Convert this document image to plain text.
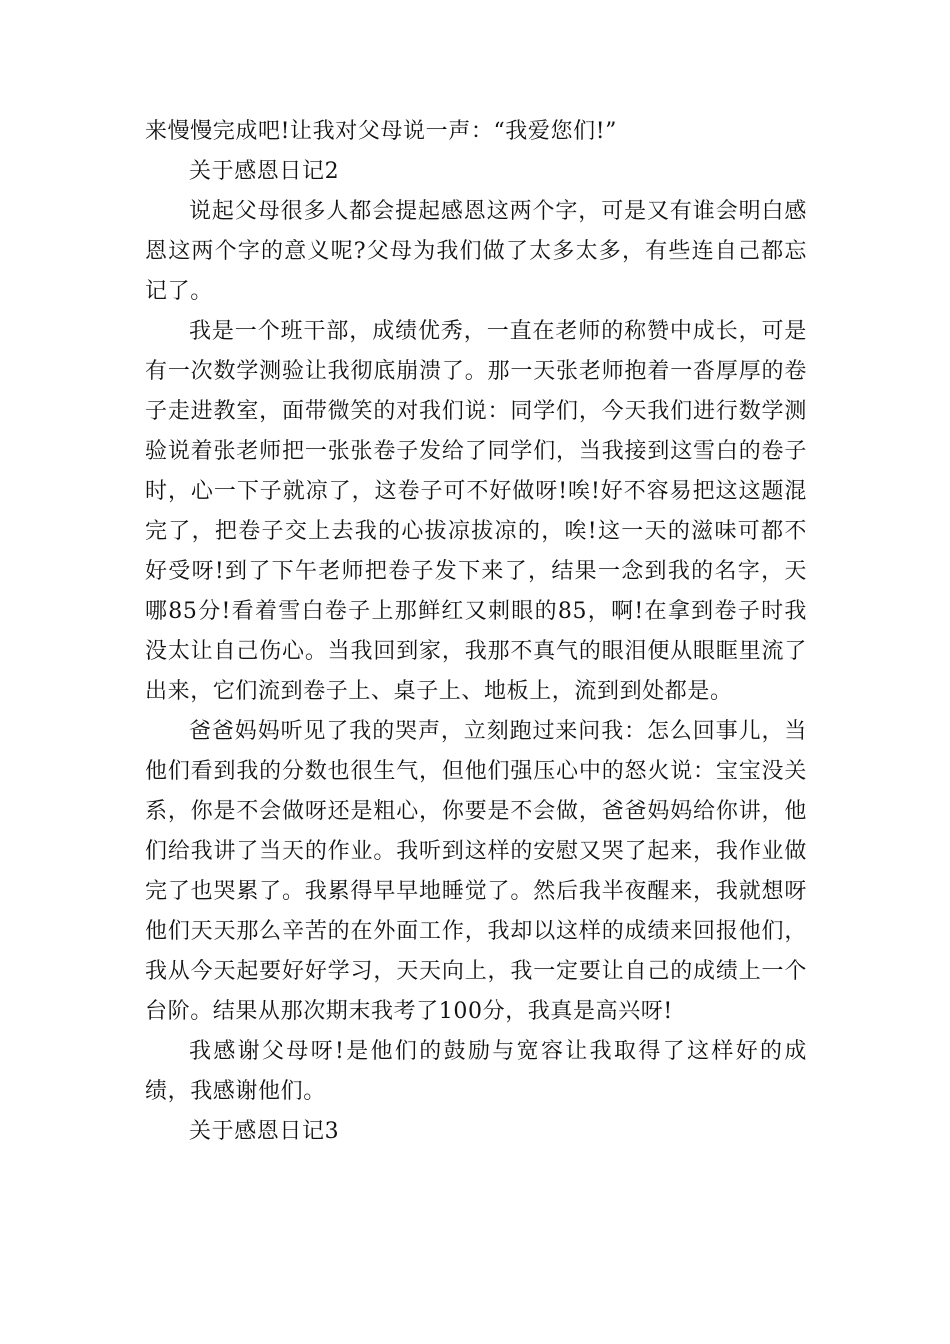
来慢慢完成吧!让我对父母说一声：“我爱您们!”

关于感恩日记2

说起父母很多人都会提起感恩这两个字，可是又有谁会明白感恩这两个字的意义呢?父母为我们做了太多太多，有些连自己都忘记了。

我是一个班干部，成绩优秀，一直在老师的称赞中成长，可是有一次数学测验让我彻底崩溃了。那一天张老师抱着一沓厚厚的卷子走进教室，面带微笑的对我们说：同学们，今天我们进行数学测验说着张老师把一张张卷子发给了同学们，当我接到这雪白的卷子时，心一下子就凉了，这卷子可不好做呀!唉!好不容易把这这题混完了，把卷子交上去我的心拔凉拔凉的，唉!这一天的滋味可都不好受呀!到了下午老师把卷子发下来了，结果一念到我的名字，天哪85分!看着雪白卷子上那鲜红又刺眼的85，啊!在拿到卷子时我没太让自己伤心。当我回到家，我那不真气的眼泪便从眼眶里流了出来，它们流到卷子上、桌子上、地板上，流到到处都是。

爸爸妈妈听见了我的哭声，立刻跑过来问我：怎么回事儿，当他们看到我的分数也很生气，但他们强压心中的怒火说：宝宝没关系，你是不会做呀还是粗心，你要是不会做，爸爸妈妈给你讲，他们给我讲了当天的作业。我听到这样的安慰又哭了起来，我作业做完了也哭累了。我累得早早地睡觉了。然后我半夜醒来，我就想呀他们天天那么辛苦的在外面工作，我却以这样的成绩来回报他们，我从今天起要好好学习，天天向上，我一定要让自己的成绩上一个台阶。结果从那次期末我考了100分，我真是高兴呀!

我感谢父母呀!是他们的鼓励与宽容让我取得了这样好的成绩，我感谢他们。

关于感恩日记3
